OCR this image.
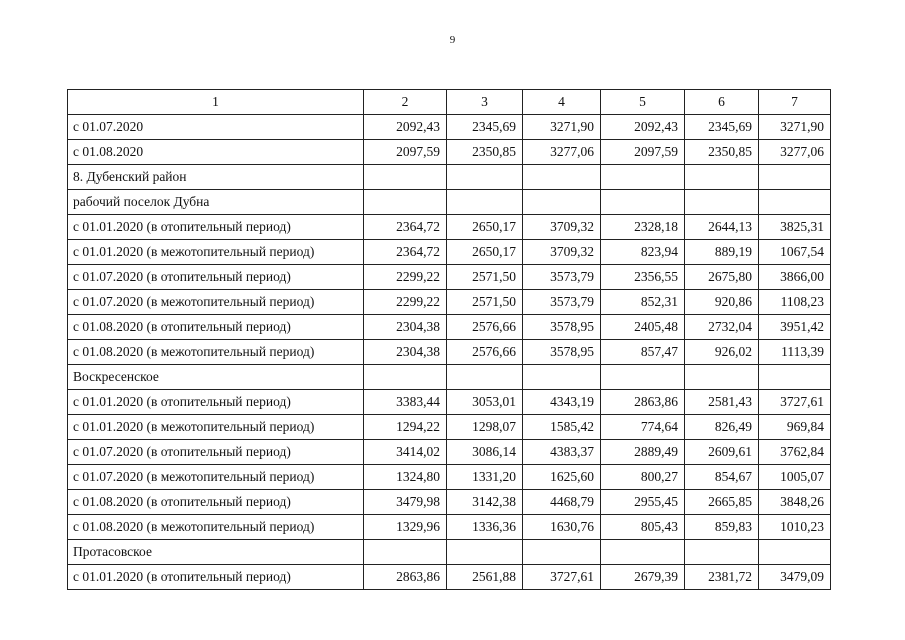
9
1	2	3	4	5	6	7
с 01.07.2020	2092,43	2345,69	3271,90	2092,43	2345,69	3271,90
с 01.08.2020	2097,59	2350,85	3277,06	2097,59	2350,85	3277,06
8. Дубенский район						
рабочий поселок Дубна						
с 01.01.2020 (в отопительный период)	2364,72	2650,17	3709,32	2328,18	2644,13	3825,31
с 01.01.2020 (в межотопительный период)	2364,72	2650,17	3709,32	823,94	889,19	1067,54
с 01.07.2020 (в отопительный период)	2299,22	2571,50	3573,79	2356,55	2675,80	3866,00
с 01.07.2020 (в межотопительный период)	2299,22	2571,50	3573,79	852,31	920,86	1108,23
с 01.08.2020 (в отопительный период)	2304,38	2576,66	3578,95	2405,48	2732,04	3951,42
с 01.08.2020 (в межотопительный период)	2304,38	2576,66	3578,95	857,47	926,02	1113,39
Воскресенское						
с 01.01.2020 (в отопительный период)	3383,44	3053,01	4343,19	2863,86	2581,43	3727,61
с 01.01.2020 (в межотопительный период)	1294,22	1298,07	1585,42	774,64	826,49	969,84
с 01.07.2020 (в отопительный период)	3414,02	3086,14	4383,37	2889,49	2609,61	3762,84
с 01.07.2020 (в межотопительный период)	1324,80	1331,20	1625,60	800,27	854,67	1005,07
с 01.08.2020 (в отопительный период)	3479,98	3142,38	4468,79	2955,45	2665,85	3848,26
с 01.08.2020 (в межотопительный период)	1329,96	1336,36	1630,76	805,43	859,83	1010,23
Протасовское						
с 01.01.2020 (в отопительный период)	2863,86	2561,88	3727,61	2679,39	2381,72	3479,09
